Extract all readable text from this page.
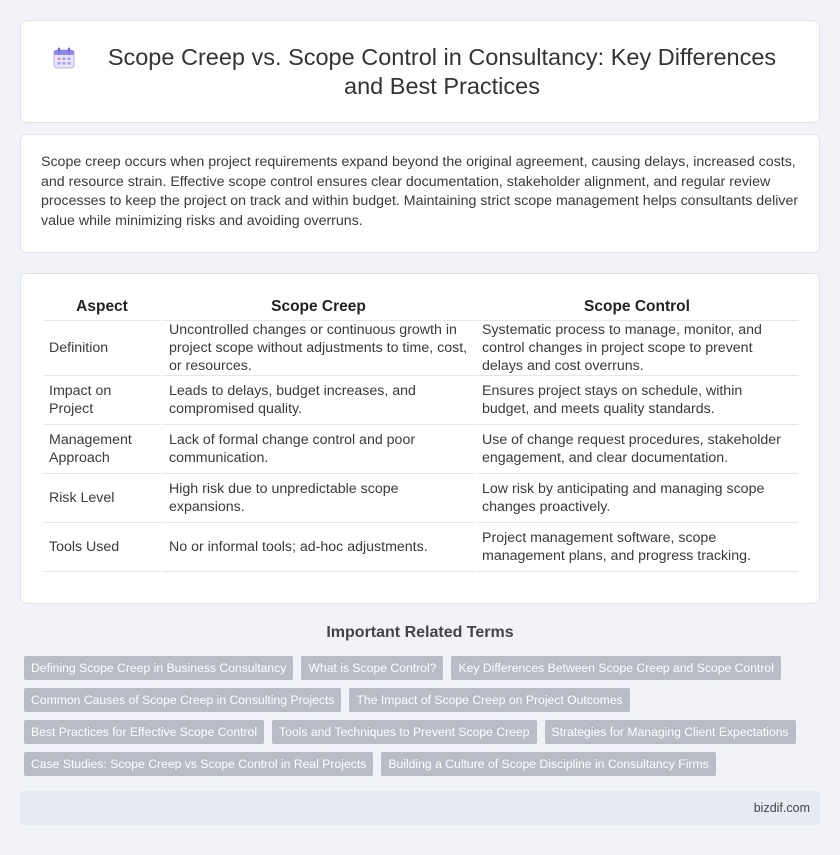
Scope Creep vs. Scope Control in Consultancy: Key Differences and Best Practices

Scope creep occurs when project requirements expand beyond the original agreement, causing delays, increased costs, and resource strain. Effective scope control ensures clear documentation, stakeholder alignment, and regular review processes to keep the project on track and within budget. Maintaining strict scope management helps consultants deliver value while minimizing risks and avoiding overruns.

Aspect	Scope Creep	Scope Control
Definition	Uncontrolled changes or continuous growth in project scope without adjustments to time, cost, or resources.	Systematic process to manage, monitor, and control changes in project scope to prevent delays and cost overruns.
Impact on Project	Leads to delays, budget increases, and compromised quality.	Ensures project stays on schedule, within budget, and meets quality standards.
Management Approach	Lack of formal change control and poor communication.	Use of change request procedures, stakeholder engagement, and clear documentation.
Risk Level	High risk due to unpredictable scope expansions.	Low risk by anticipating and managing scope changes proactively.
Tools Used	No or informal tools; ad-hoc adjustments.	Project management software, scope management plans, and progress tracking.
Important Related Terms
Defining Scope Creep in Business Consultancy	What is Scope Control?	Key Differences Between Scope Creep and Scope Control
Common Causes of Scope Creep in Consulting Projects	The Impact of Scope Creep on Project Outcomes
Best Practices for Effective Scope Control	Tools and Techniques to Prevent Scope Creep	Strategies for Managing Client Expectations
Case Studies: Scope Creep vs Scope Control in Real Projects	Building a Culture of Scope Discipline in Consultancy Firms
bizdif.com
